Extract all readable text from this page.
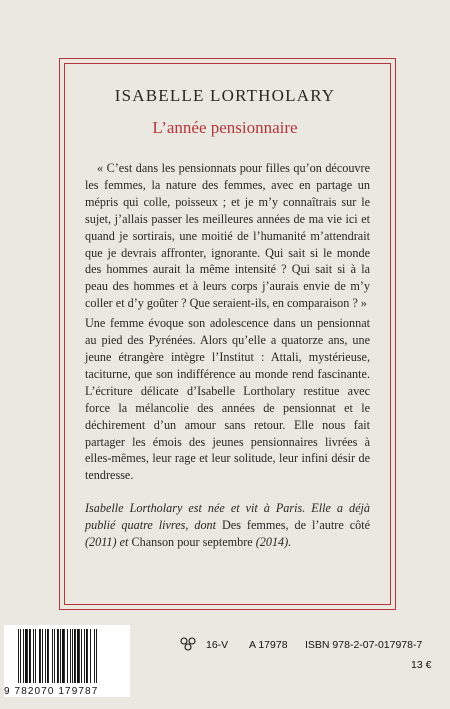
ISABELLE LORTHOLARY
L’année pensionnaire

« C’est dans les pensionnats pour filles qu’on découvre les femmes, la nature des femmes, avec en partage un mépris qui colle, poisseux ; et je m’y connaîtrais sur le sujet, j’allais passer les meilleures années de ma vie ici et quand je sortirais, une moitié de l’humanité m’attendrait que je devrais affronter, ignorante. Qui sait si le monde des hommes aurait la même intensité ? Qui sait si à la peau des hommes et à leurs corps j’aurais envie de m’y coller et d’y goûter ? Que seraient-ils, en comparaison ? »

Une femme évoque son adolescence dans un pensionnat au pied des Pyrénées. Alors qu’elle a quatorze ans, une jeune étrangère intègre l’Institut : Attali, mystérieuse, taciturne, que son indifférence au monde rend fascinante. L’écriture délicate d’Isabelle Lortholary restitue avec force la mélancolie des années de pensionnat et le déchirement d’un amour sans retour. Elle nous fait partager les émois des jeunes pensionnaires livrées à elles-mêmes, leur rage et leur solitude, leur infini désir de tendresse.

Isabelle Lortholary est née et vit à Paris. Elle a déjà publié quatre livres, dont Des femmes, de l’autre côté (2011) et Chanson pour septembre (2014).

9 782070 179787
16-V A 17978 ISBN 978-2-07-017978-7
13 €
